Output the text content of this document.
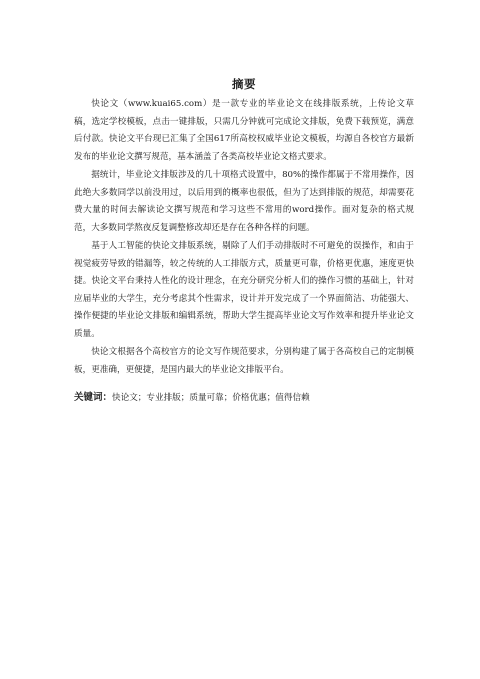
摘要

快论文（www.kuai65.com）是一款专业的毕业论文在线排版系统，上传论文草稿，选定学校模板，点击一键排版，只需几分钟就可完成论文排版，免费下载预览，满意后付款。快论文平台现已汇集了全国617所高校权威毕业论文模板，均源自各校官方最新发布的毕业论文撰写规范，基本涵盖了各类高校毕业论文格式要求。

据统计，毕业论文排版涉及的几十项格式设置中，80%的操作都属于不常用操作，因此绝大多数同学以前没用过，以后用到的概率也很低，但为了达到排版的规范，却需要花费大量的时间去解读论文撰写规范和学习这些不常用的word操作。面对复杂的格式规范，大多数同学熬夜反复调整修改却还是存在各种各样的问题。

基于人工智能的快论文排版系统，剔除了人们手动排版时不可避免的误操作，和由于视觉疲劳导致的错漏等，较之传统的人工排版方式，质量更可靠，价格更优惠，速度更快捷。快论文平台秉持人性化的设计理念，在充分研究分析人们的操作习惯的基础上，针对应届毕业的大学生，充分考虑其个性需求，设计并开发完成了一个界面简洁、功能强大、操作便捷的毕业论文排版和编辑系统，帮助大学生提高毕业论文写作效率和提升毕业论文质量。

快论文根据各个高校官方的论文写作规范要求，分别构建了属于各高校自己的定制模板，更准确，更便捷，是国内最大的毕业论文排版平台。

关键词：快论文；专业排版；质量可靠；价格优惠；值得信赖
